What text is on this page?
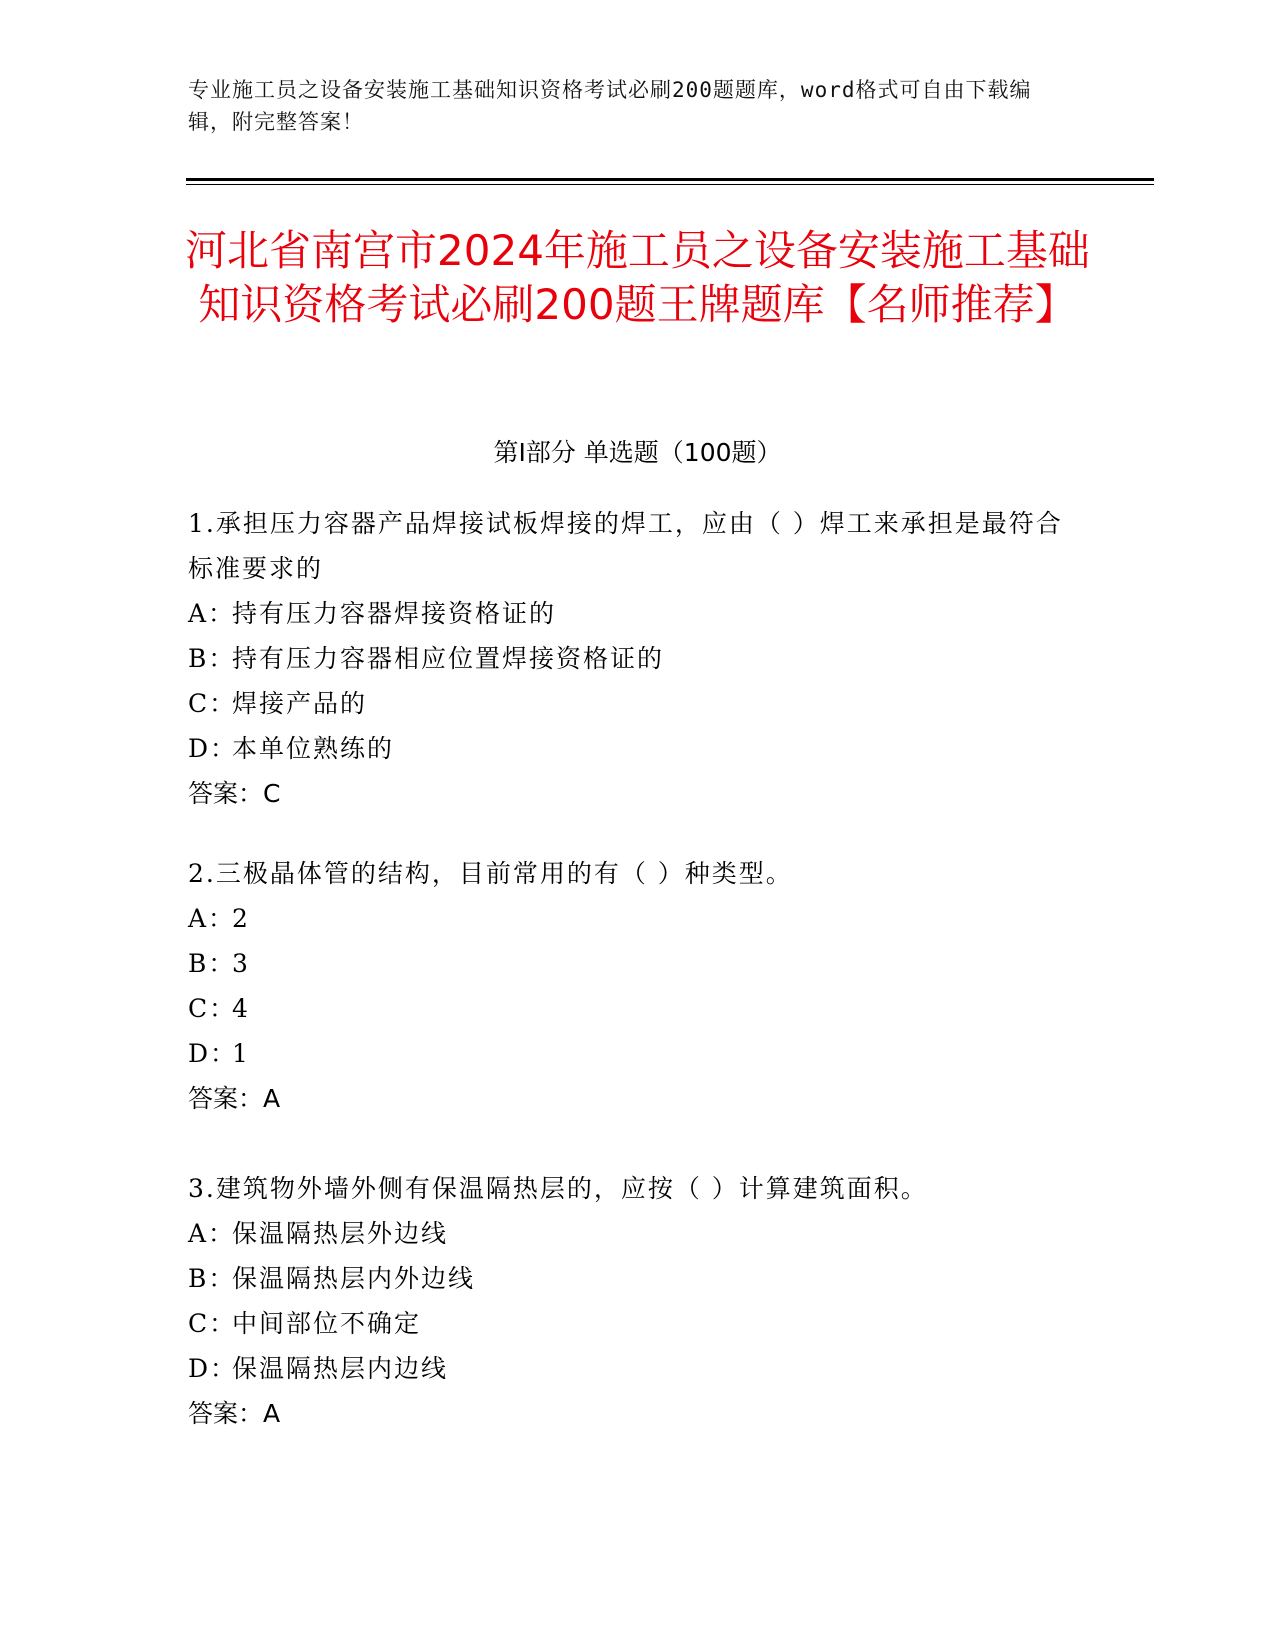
专业施工员之设备安装施工基础知识资格考试必刷200题题库，word格式可自由下载编辑，附完整答案！
河北省南宫市2024年施工员之设备安装施工基础知识资格考试必刷200题王牌题库【名师推荐】
第I部分 单选题（100题）

1.承担压力容器产品焊接试板焊接的焊工，应由（ ）焊工来承担是最符合标准要求的

A：持有压力容器焊接资格证的

B：持有压力容器相应位置焊接资格证的

C：焊接产品的

D：本单位熟练的

答案：C

2.三极晶体管的结构，目前常用的有（ ）种类型。

A：2

B：3

C：4

D：1

答案：A

3.建筑物外墙外侧有保温隔热层的，应按（ ）计算建筑面积。

A：保温隔热层外边线

B：保温隔热层内外边线

C：中间部位不确定

D：保温隔热层内边线

答案：A
